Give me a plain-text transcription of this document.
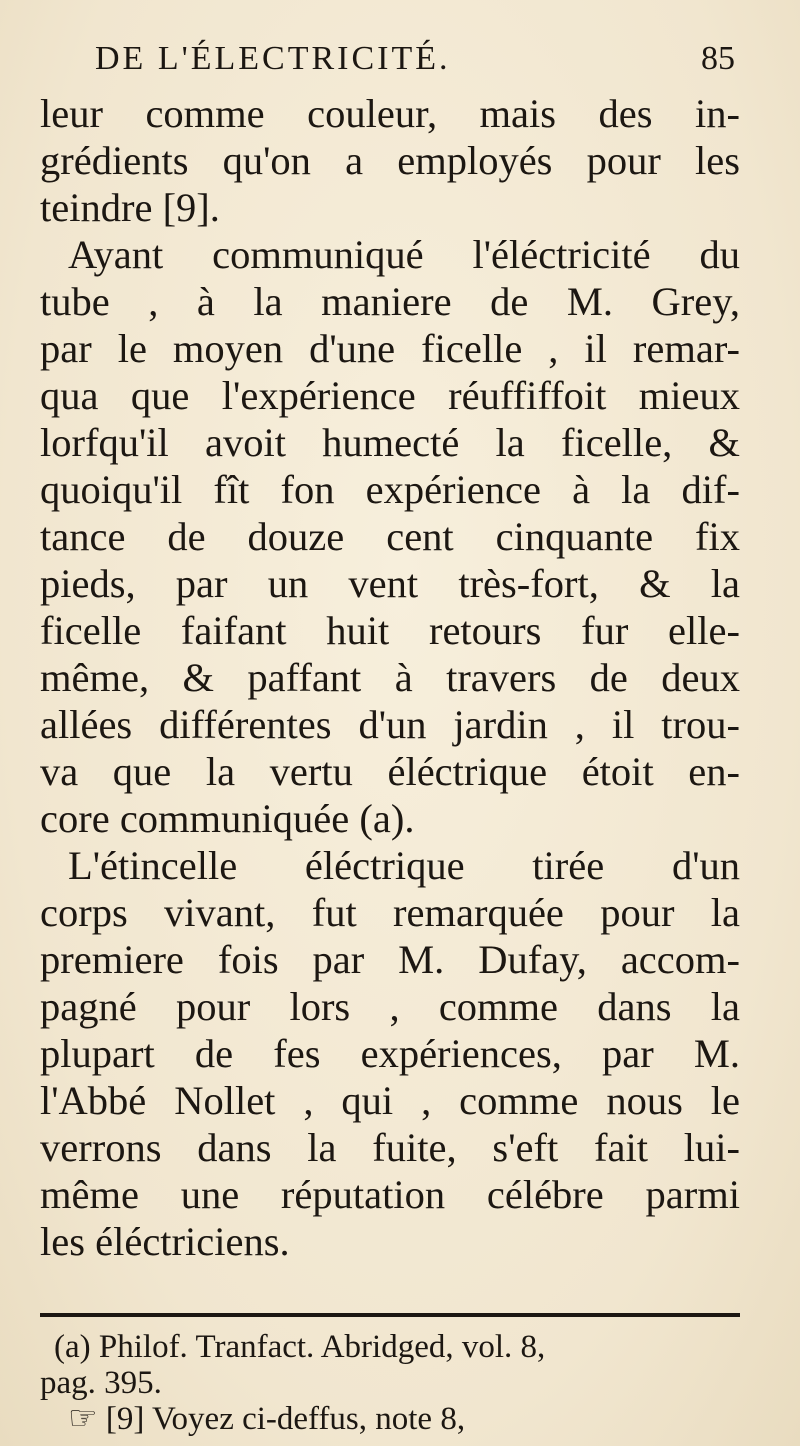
DE L'ÉLECTRICITÉ.	85
leur comme couleur, mais des in-
grédients qu'on a employés pour les
teindre [9].
Ayant communiqué l'éléctricité du
tube , à la maniere de M. Grey,
par le moyen d'une ficelle , il remar-
qua que l'expérience réuffiffoit mieux
lorfqu'il avoit humecté la ficelle, &
quoiqu'il fît fon expérience à la dif-
tance de douze cent cinquante fix
pieds, par un vent très-fort, & la
ficelle faifant huit retours fur elle-
même, & paffant à travers de deux
allées différentes d'un jardin , il trou-
va que la vertu éléctrique étoit en-
core communiquée (a).
L'étincelle éléctrique tirée d'un
corps vivant, fut remarquée pour la
premiere fois par M. Dufay, accom-
pagné pour lors , comme dans la
plupart de fes expériences, par M.
l'Abbé Nollet , qui , comme nous le
verrons dans la fuite, s'eft fait lui-
même une réputation célébre parmi
les éléctriciens.
(a) Philof. Tranfact. Abridged, vol. 8,
pag. 395.
☞ [9] Voyez ci-deffus, note 8,
